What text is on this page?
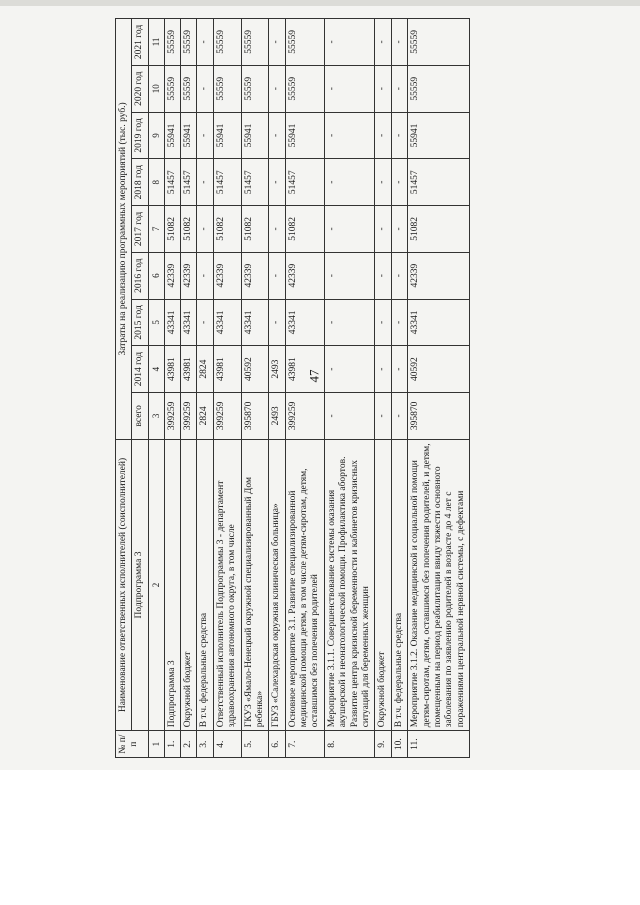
47
№ п/п	Наименование ответственных исполнителей (соисполнителей)	Затраты на реализацию программных мероприятий (тыс. руб.)								
	Подпрограмма 3	всего	2014 год	2015 год	2016 год	2017 год	2018 год	2019 год	2020 год	2021 год
1	2	3	4	5	6	7	8	9	10	11
1.	Подпрограмма 3	399259	43981	43341	42339	51082	51457	55941	55559	55559
2.	Окружной бюджет	399259	43981	43341	42339	51082	51457	55941	55559	55559
3.	В т.ч. федеральные средства	2824	2824	-	-	-	-	-	-	-
4.	Ответственный исполнитель Подпрограммы 3 - департамент здравоохранения автономного округа, в том числе	399259	43981	43341	42339	51082	51457	55941	55559	55559
5.	ГКУЗ «Ямало-Ненецкий окружной специализированный Дом ребенка»	395870	40592	43341	42339	51082	51457	55941	55559	55559
6.	ГБУЗ «Салехардская окружная клиническая больница»	2493	2493	-	-	-	-	-	-	-
7.	Основное мероприятие 3.1. Развитие специализированной медицинской помощи детям, в том числе детям-сиротам, детям, оставшимся без попечения родителей	399259	43981	43341	42339	51082	51457	55941	55559	55559
8.	Мероприятие 3.1.1. Совершенствование системы оказания акушерской и неонатологической помощи. Профилактика абортов. Развитие центра кризисной беременности и кабинетов кризисных ситуаций для беременных женщин	-	-	-	-	-	-	-	-	-
9.	Окружной бюджет	-	-	-	-	-	-	-	-	-
10.	В т.ч. федеральные средства	-	-	-	-	-	-	-	-	-
11.	Мероприятие 3.1.2. Оказание медицинской и социальной помощи детям-сиротам, детям, оставшимся без попечения родителей, и детям, помещенным на период реабилитации ввиду тяжести основного заболевания по заявлению родителей в возрасте до 4 лет с поражениями центральной нервной системы, с дефектами	395870	40592	43341	42339	51082	51457	55941	55559	55559
